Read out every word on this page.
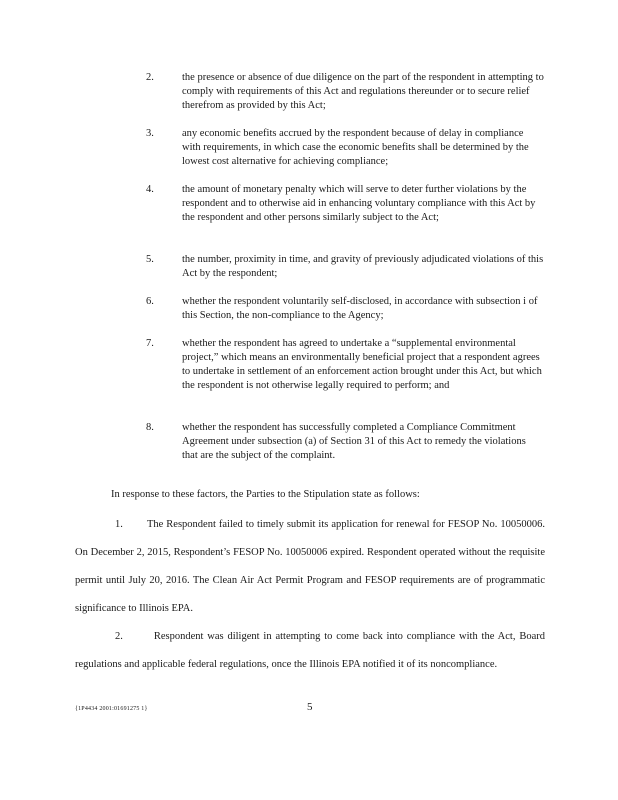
2.	the presence or absence of due diligence on the part of the respondent in attempting to comply with requirements of this Act and regulations thereunder or to secure relief therefrom as provided by this Act;
3.	any economic benefits accrued by the respondent because of delay in compliance with requirements, in which case the economic benefits shall be determined by the lowest cost alternative for achieving compliance;
4.	the amount of monetary penalty which will serve to deter further violations by the respondent and to otherwise aid in enhancing voluntary compliance with this Act by the respondent and other persons similarly subject to the Act;
5.	the number, proximity in time, and gravity of previously adjudicated violations of this Act by the respondent;
6.	whether the respondent voluntarily self-disclosed, in accordance with subsection i of this Section, the non-compliance to the Agency;
7.	whether the respondent has agreed to undertake a “supplemental environmental project,” which means an environmentally beneficial project that a respondent agrees to undertake in settlement of an enforcement action brought under this Act, but which the respondent is not otherwise legally required to perform; and
8.	whether the respondent has successfully completed a Compliance Commitment Agreement under subsection (a) of Section 31 of this Act to remedy the violations that are the subject of the complaint.
In response to these factors, the Parties to the Stipulation state as follows:
1. The Respondent failed to timely submit its application for renewal for FESOP No. 10050006. On December 2, 2015, Respondent’s FESOP No. 10050006 expired. Respondent operated without the requisite permit until July 20, 2016. The Clean Air Act Permit Program and FESOP requirements are of programmatic significance to Illinois EPA.
2.	Respondent was diligent in attempting to come back into compliance with the Act, Board regulations and applicable federal regulations, once the Illinois EPA notified it of its noncompliance.
{1P4434 2001:01691275 1}	5
